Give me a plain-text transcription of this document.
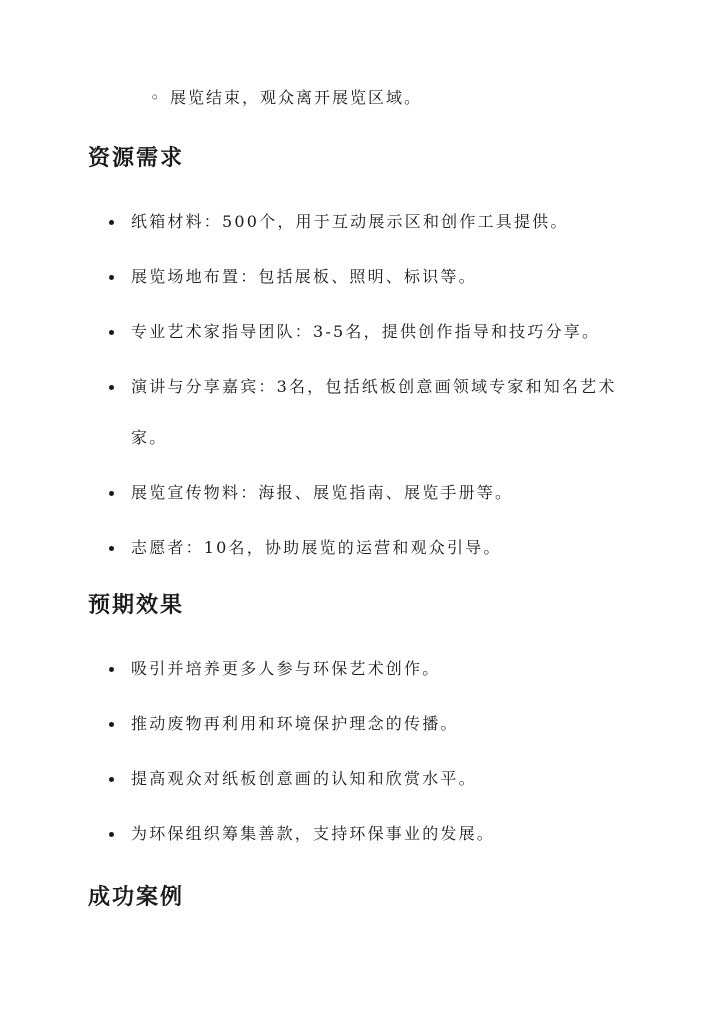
◦ 展览结束，观众离开展览区域。
资源需求
纸箱材料：500个，用于互动展示区和创作工具提供。
展览场地布置：包括展板、照明、标识等。
专业艺术家指导团队：3-5名，提供创作指导和技巧分享。
演讲与分享嘉宾：3名，包括纸板创意画领域专家和知名艺术
家。
展览宣传物料：海报、展览指南、展览手册等。
志愿者：10名，协助展览的运营和观众引导。
预期效果
吸引并培养更多人参与环保艺术创作。
推动废物再利用和环境保护理念的传播。
提高观众对纸板创意画的认知和欣赏水平。
为环保组织筹集善款，支持环保事业的发展。
成功案例
